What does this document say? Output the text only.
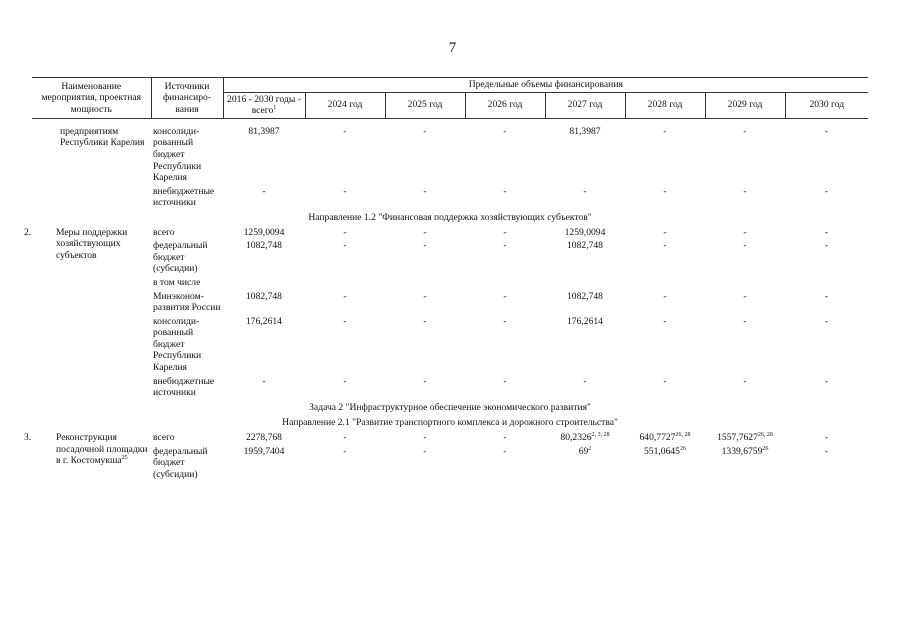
7
Наименование мероприятия, проектная мощность	Источники финансиро-вания	Предельные объемы финансирования							
		2016 - 2030 годы - всего$^1$	2024 год	2025 год	2026 год	2027 год	2028 год	2029 год	2030 год

предприятиям Республики Карелия	консолиди-рованный бюджет Республики Карелия	81,3987	-	-	-	81,3987	-	-	-
	внебюджетные источники	-	-	-	-	-	-	-	-
Направление 1.2 "Финансовая поддержка хозяйствующих субъектов"									
2. Меры поддержки хозяйствующих субъектов	всего	1259,0094	-	-	-	1259,0094	-	-	-
	федеральный бюджет (субсидии)	1082,748	-	-	-	1082,748	-	-	-
	в том числе								
	Минэконом-развития России	1082,748	-	-	-	1082,748	-	-	-
	консолиди-рованный бюджет Республики Карелия	176,2614	-	-	-	176,2614	-	-	-
	внебюджетные источники	-	-	-	-	-	-	-	-
Задача 2 "Инфраструктурное обеспечение экономического развития"									
Направление 2.1 "Развитие транспортного комплекса и дорожного строительства"									
3. Реконструкция посадочной площадки в г. Костомукша$^{25}$	всего	2278,768	-	-	-	80,2326$^{2, 3, 28}$	640,7727$^{26, 28}$	1557,7627$^{26, 28}$	-
	федеральный бюджет (субсидии)	1959,7404	-	-	-	$69^2$	551,0645$^{26}$	1339,6759$^{26}$	-
